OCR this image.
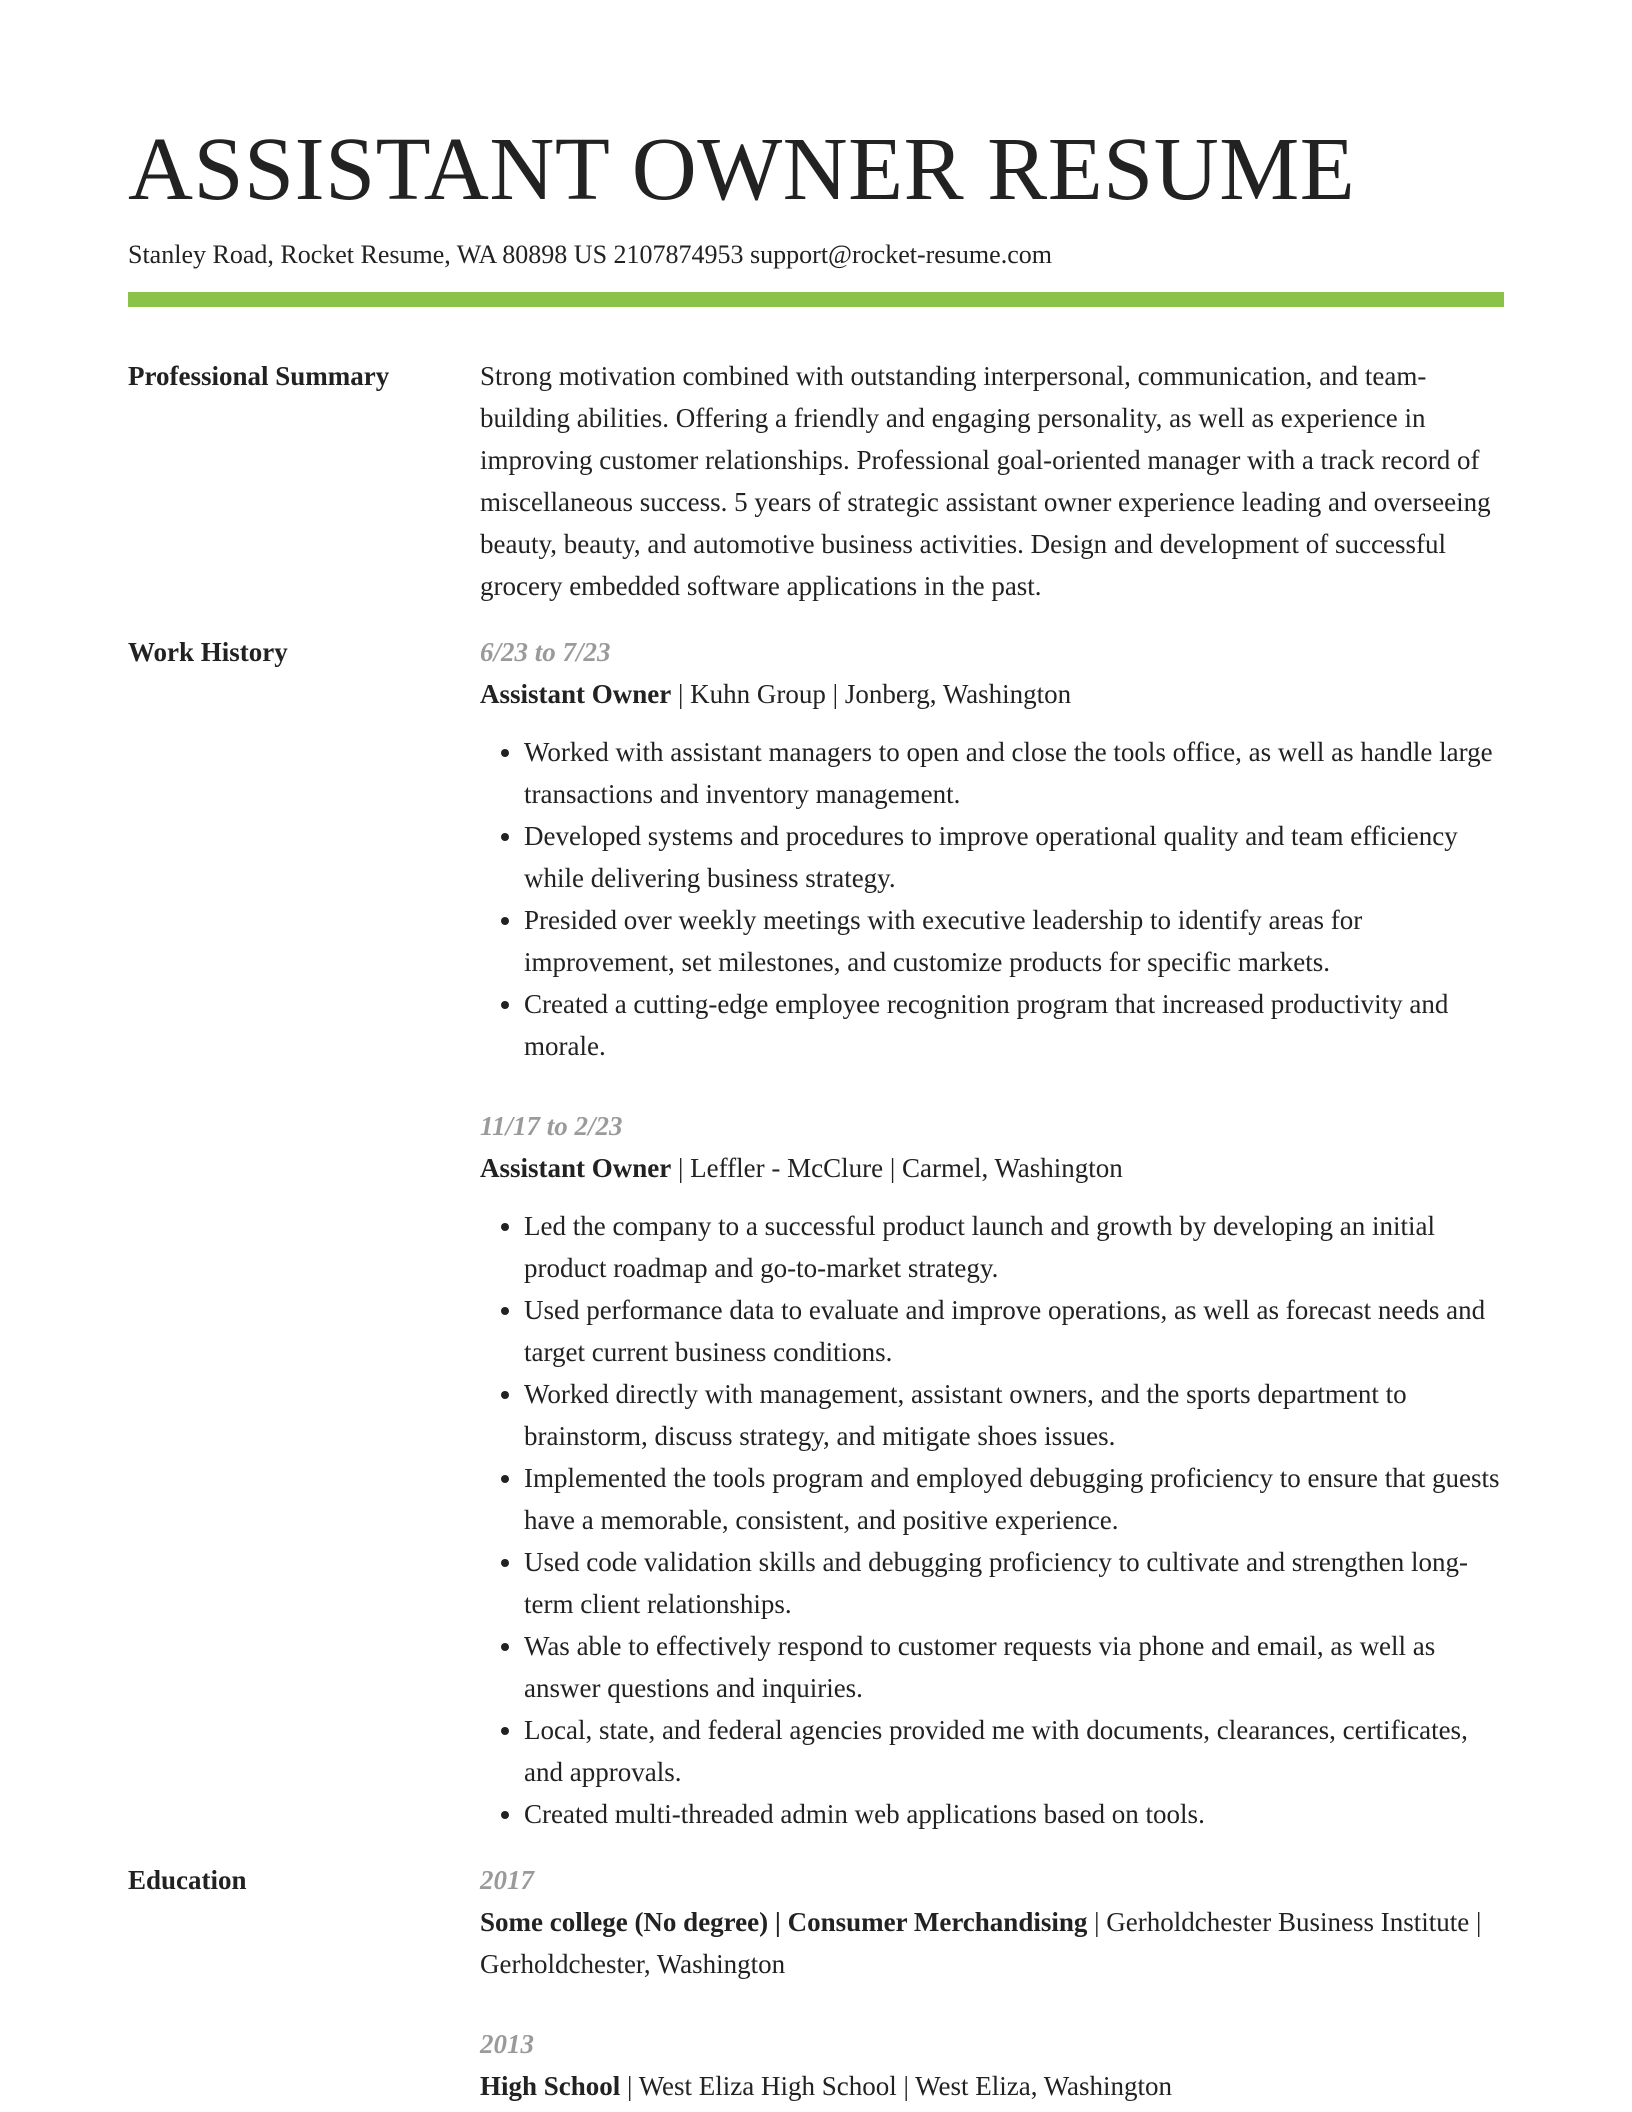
ASSISTANT OWNER RESUME
Stanley Road, Rocket Resume, WA 80898 US 2107874953 support@rocket-resume.com
Professional Summary	Strong motivation combined with outstanding interpersonal, communication, and team-building abilities. Offering a friendly and engaging personality, as well as experience in improving customer relationships. Professional goal-oriented manager with a track record of miscellaneous success. 5 years of strategic assistant owner experience leading and overseeing beauty, beauty, and automotive business activities. Design and development of successful grocery embedded software applications in the past.

Work History	6/23 to 7/23
Assistant Owner | Kuhn Group | Jonberg, Washington
• Worked with assistant managers to open and close the tools office, as well as handle large transactions and inventory management.
• Developed systems and procedures to improve operational quality and team efficiency while delivering business strategy.
• Presided over weekly meetings with executive leadership to identify areas for improvement, set milestones, and customize products for specific markets.
• Created a cutting-edge employee recognition program that increased productivity and morale.
11/17 to 2/23
Assistant Owner | Leffler - McClure | Carmel, Washington
• Led the company to a successful product launch and growth by developing an initial product roadmap and go-to-market strategy.
• Used performance data to evaluate and improve operations, as well as forecast needs and target current business conditions.
• Worked directly with management, assistant owners, and the sports department to brainstorm, discuss strategy, and mitigate shoes issues.
• Implemented the tools program and employed debugging proficiency to ensure that guests have a memorable, consistent, and positive experience.
• Used code validation skills and debugging proficiency to cultivate and strengthen long-term client relationships.
• Was able to effectively respond to customer requests via phone and email, as well as answer questions and inquiries.
• Local, state, and federal agencies provided me with documents, clearances, certificates, and approvals.
• Created multi-threaded admin web applications based on tools.
Education	2017
Some college (No degree) | Consumer Merchandising | Gerholdchester Business Institute | Gerholdchester, Washington
2013
High School | West Eliza High School | West Eliza, Washington
